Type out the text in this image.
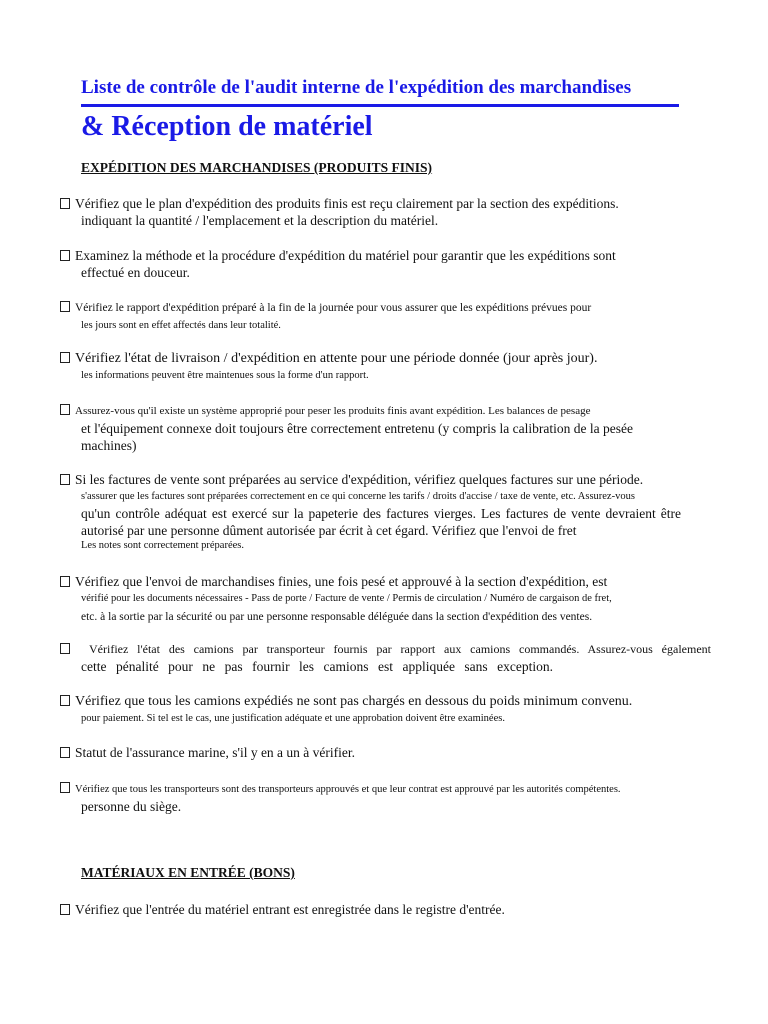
Liste de contrôle de l'audit interne de l'expédition des marchandises
& Réception de matériel
EXPÉDITION DES MARCHANDISES (PRODUITS FINIS)
Vérifiez que le plan d'expédition des produits finis est reçu clairement par la section des expéditions.
indiquant la quantité / l'emplacement et la description du matériel.
Examinez la méthode et la procédure d'expédition du matériel pour garantir que les expéditions sont
effectué en douceur.
Vérifiez le rapport d'expédition préparé à la fin de la journée pour vous assurer que les expéditions prévues pour
les jours sont en effet affectés dans leur totalité.
Vérifiez l'état de livraison / d'expédition en attente pour une période donnée (jour après jour).
les informations peuvent être maintenues sous la forme d'un rapport.
Assurez-vous qu'il existe un système approprié pour peser les produits finis avant expédition. Les balances de pesage
et l'équipement connexe doit toujours être correctement entretenu (y compris la calibration de la pesée
machines)
Si les factures de vente sont préparées au service d'expédition, vérifiez quelques factures sur une période.
s'assurer que les factures sont préparées correctement en ce qui concerne les tarifs / droits d'accise / taxe de vente, etc. Assurez-vous
qu'un contrôle adéquat est exercé sur la papeterie des factures vierges. Les factures de vente devraient être
autorisé par une personne dûment autorisée par écrit à cet égard. Vérifiez que l'envoi de fret
Les notes sont correctement préparées.
Vérifiez que l'envoi de marchandises finies, une fois pesé et approuvé à la section d'expédition, est
vérifié pour les documents nécessaires - Pass de porte / Facture de vente / Permis de circulation / Numéro de cargaison de fret,
etc. à la sortie par la sécurité ou par une personne responsable déléguée dans la section d'expédition des ventes.
Vérifiez l'état des camions par transporteur fournis par rapport aux camions commandés. Assurez-vous également
cette pénalité pour ne pas fournir les camions est appliquée sans exception.
Vérifiez que tous les camions expédiés ne sont pas chargés en dessous du poids minimum convenu.
pour paiement. Si tel est le cas, une justification adéquate et une approbation doivent être examinées.
Statut de l'assurance marine, s'il y en a un à vérifier.
Vérifiez que tous les transporteurs sont des transporteurs approuvés et que leur contrat est approuvé par les autorités compétentes.
personne du siège.
MATÉRIAUX EN ENTRÉE (BONS)
Vérifiez que l'entrée du matériel entrant est enregistrée dans le registre d'entrée.
